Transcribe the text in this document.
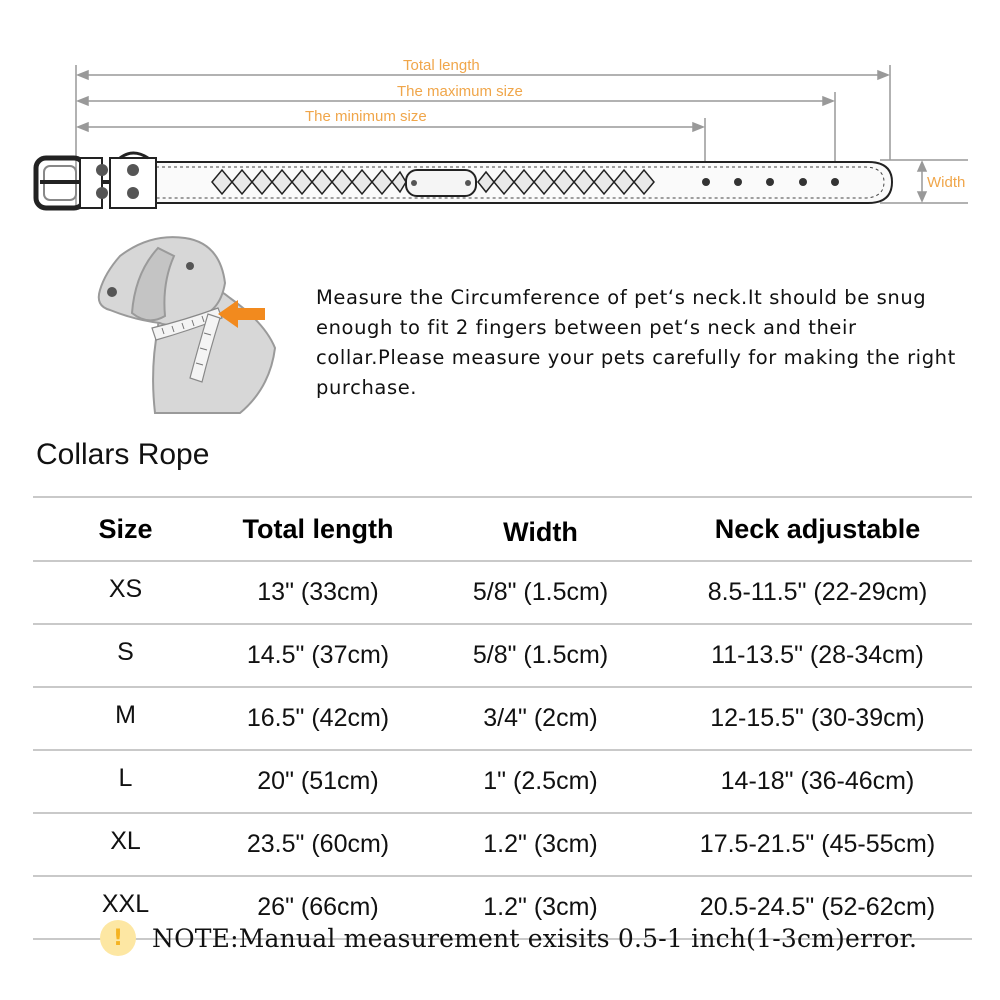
Total length
The maximum size
The minimum size
Width
Measure the Circumference of pet‘s neck.It should be snug enough to fit 2 fingers between pet‘s neck and their collar.Please measure your pets carefully for making the right purchase.
Collars Rope
Size	Total length	Width	Neck adjustable
XS	13" (33cm)	5/8" (1.5cm)	8.5-11.5" (22-29cm)
S	14.5" (37cm)	5/8" (1.5cm)	11-13.5" (28-34cm)
M	16.5" (42cm)	3/4" (2cm)	12-15.5" (30-39cm)
L	20" (51cm)	1" (2.5cm)	14-18" (36-46cm)
XL	23.5" (60cm)	1.2" (3cm)	17.5-21.5" (45-55cm)
XXL	26" (66cm)	1.2" (3cm)	20.5-24.5" (52-62cm)
!	NOTE:Manual measurement exisits 0.5-1 inch(1-3cm)error.
